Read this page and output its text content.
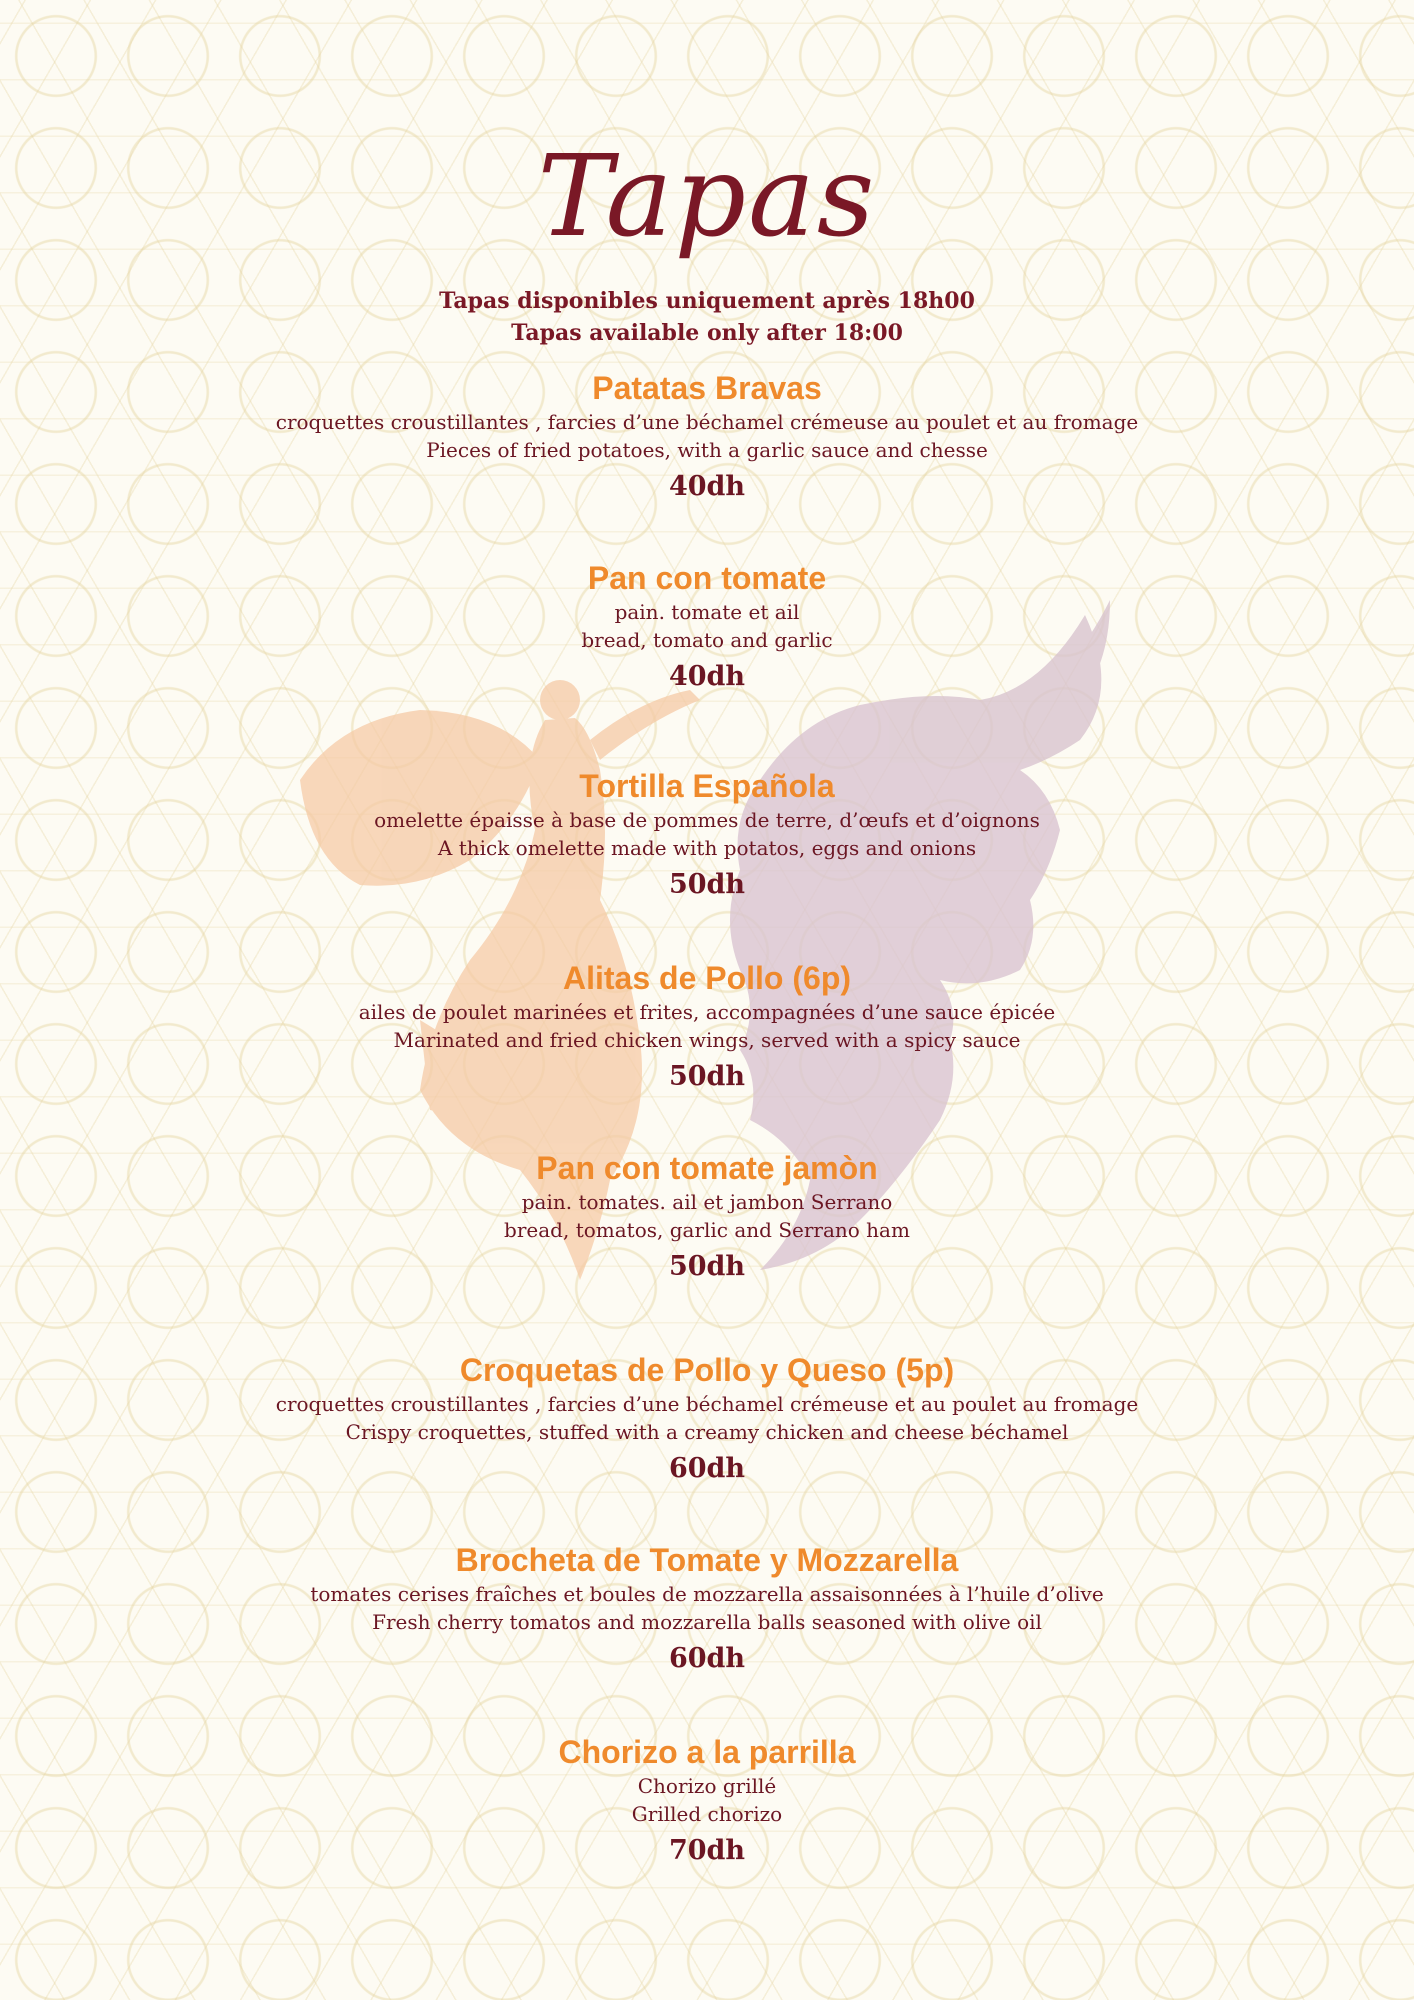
Tapas
Tapas disponibles uniquement après 18h00
Tapas available only after 18:00
Patatas Bravas
croquettes croustillantes , farcies d’une béchamel crémeuse au poulet et au fromage
Pieces of fried potatoes, with a garlic sauce and chesse
40dh
Pan con tomate
pain. tomate et ail
bread, tomato and garlic
40dh
Tortilla Española
omelette épaisse à base de pommes de terre, d’œufs et d’oignons
A thick omelette made with potatos, eggs and onions
50dh
Alitas de Pollo (6p)
ailes de poulet marinées et frites, accompagnées d’une sauce épicée
Marinated and fried chicken wings, served with a spicy sauce
50dh
Pan con tomate jamòn
pain. tomates. ail et jambon Serrano
bread, tomatos, garlic and Serrano ham
50dh
Croquetas de Pollo y Queso (5p)
croquettes croustillantes , farcies d’une béchamel crémeuse et au poulet au fromage
Crispy croquettes, stuffed with a creamy chicken and cheese béchamel
60dh
Brocheta de Tomate y Mozzarella
tomates cerises fraîches et boules de mozzarella assaisonnées à l’huile d’olive
Fresh cherry tomatos and mozzarella balls seasoned with olive oil
60dh
Chorizo a la parrilla
Chorizo grillé
Grilled chorizo
70dh
